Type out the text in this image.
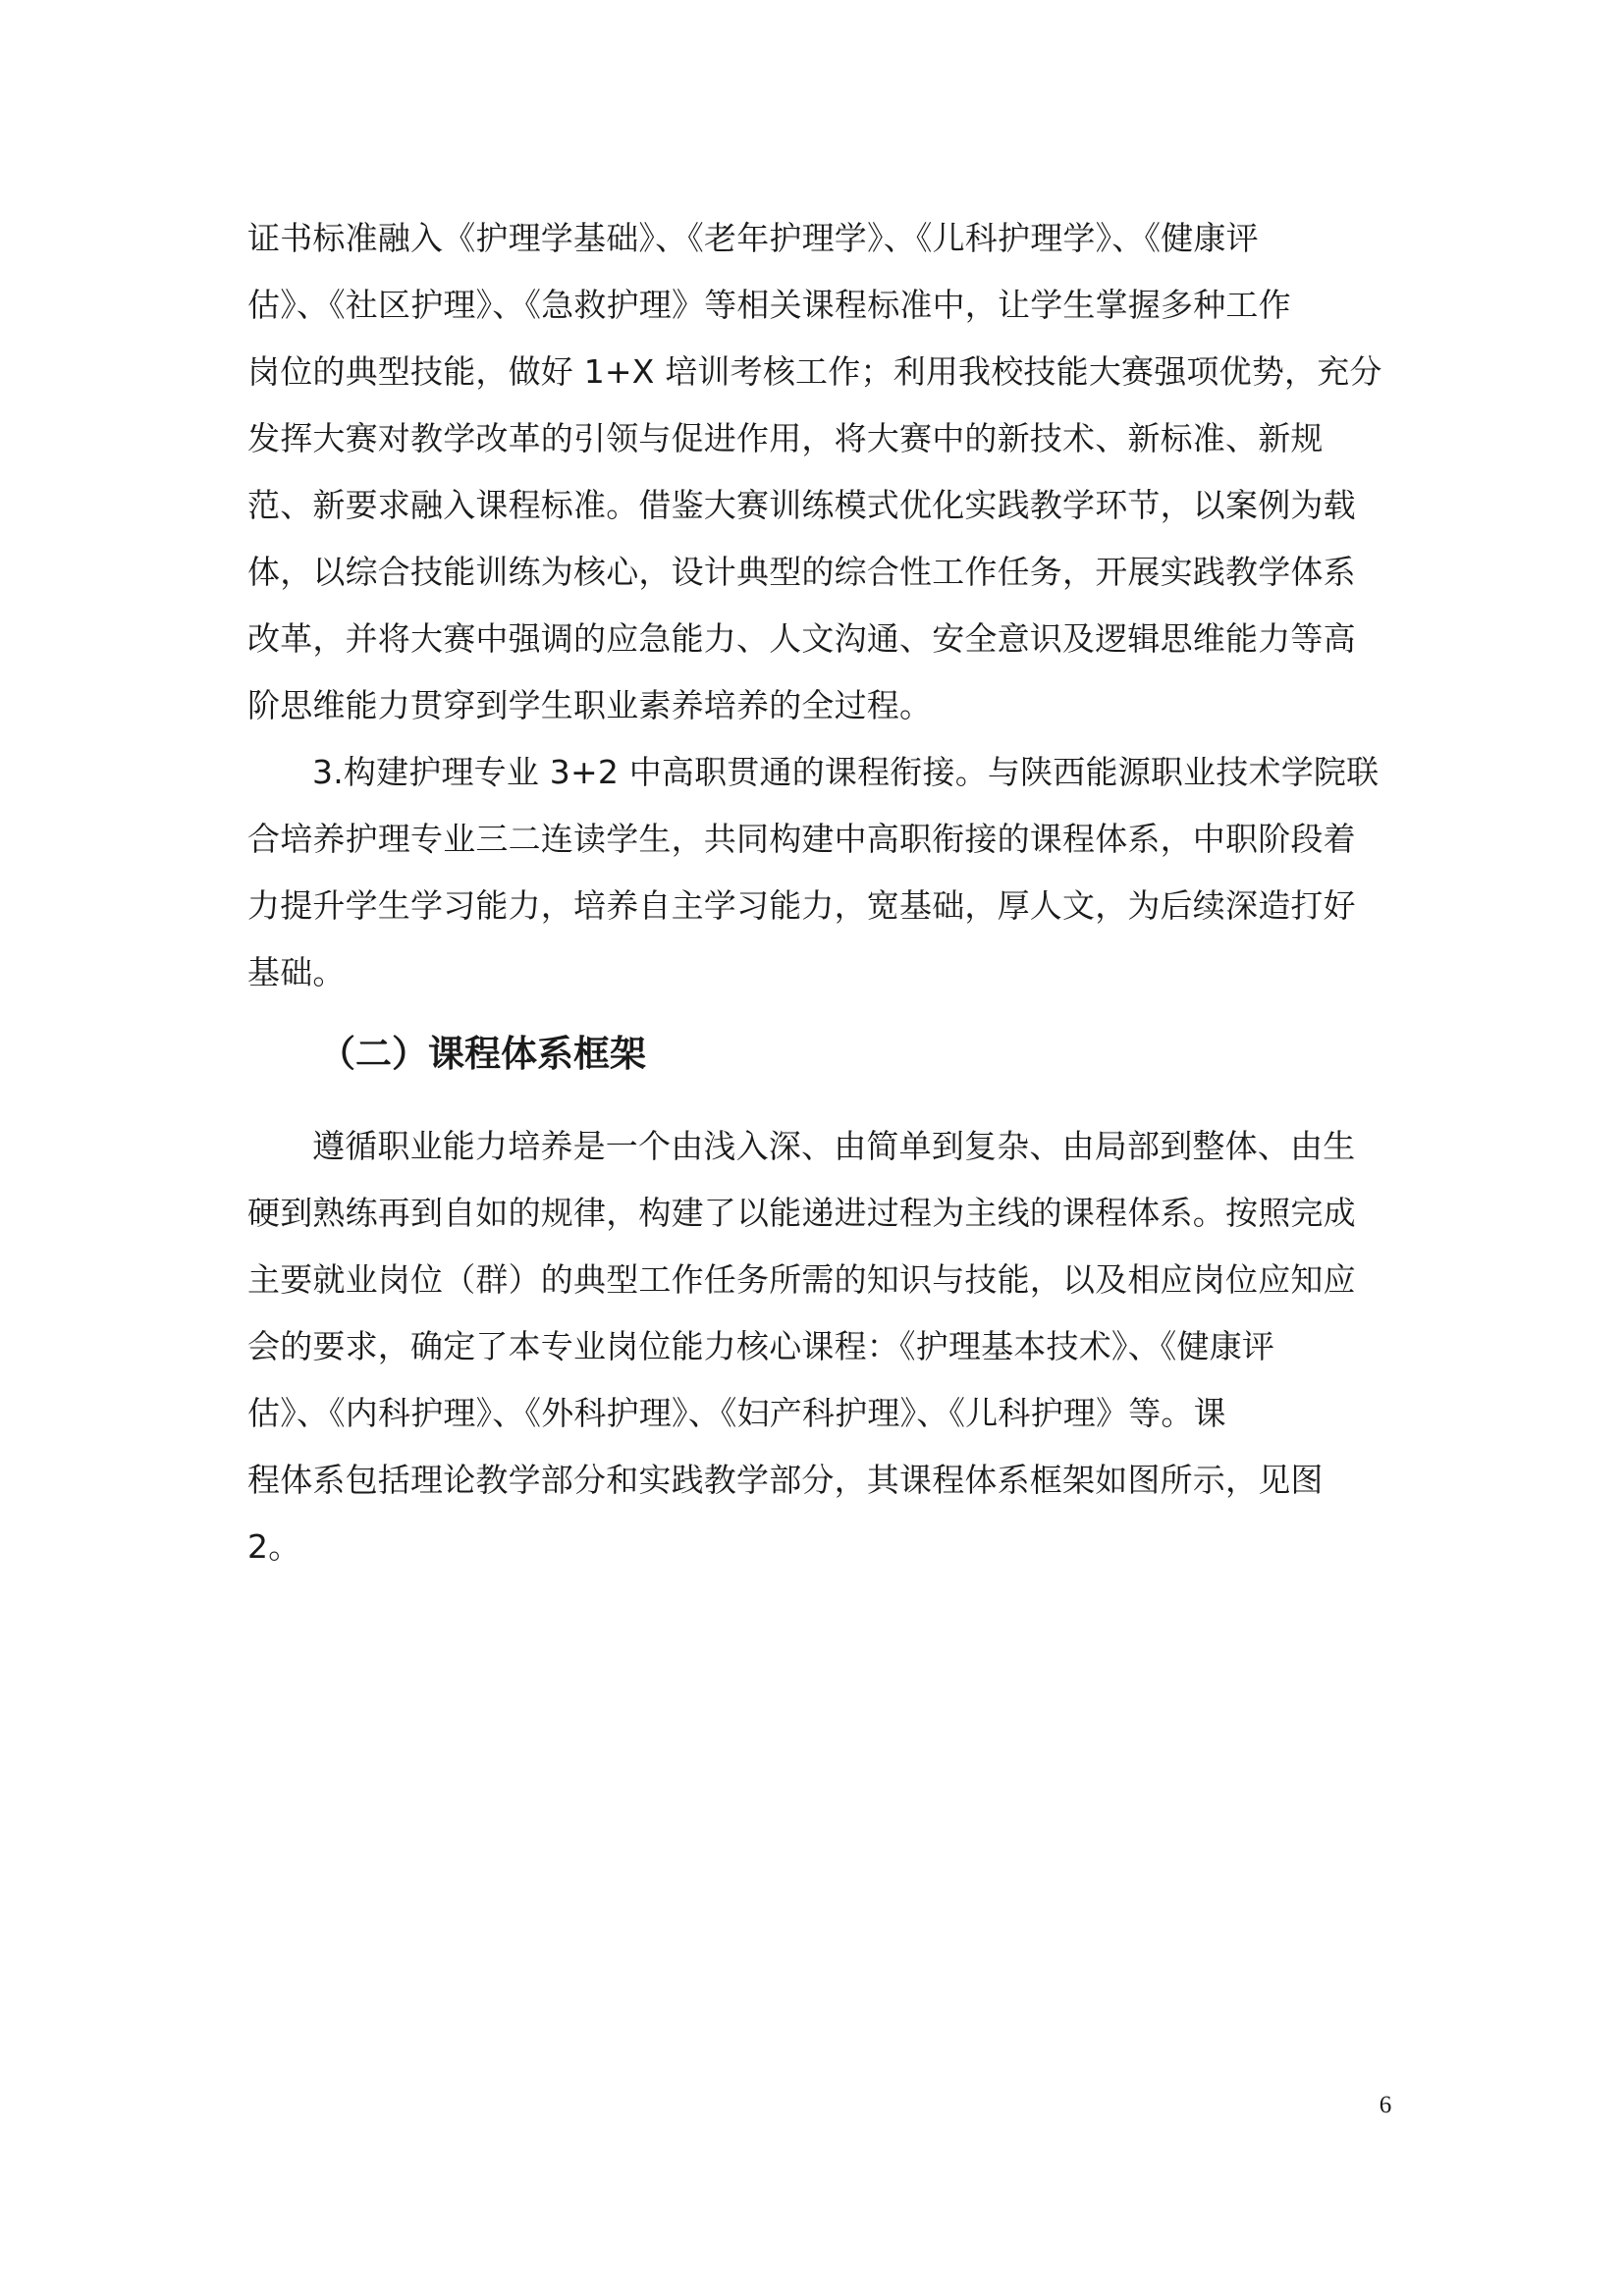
证书标准融入《护理学基础》、《老年护理学》、《儿科护理学》、《健康评
估》、《社区护理》、《急救护理》等相关课程标准中，让学生掌握多种工作
岗位的典型技能，做好 1+X 培训考核工作；利用我校技能大赛强项优势，充分
发挥大赛对教学改革的引领与促进作用，将大赛中的新技术、新标准、新规
范、新要求融入课程标准。借鉴大赛训练模式优化实践教学环节，以案例为载
体，以综合技能训练为核心，设计典型的综合性工作任务，开展实践教学体系
改革，并将大赛中强调的应急能力、人文沟通、安全意识及逻辑思维能力等高
阶思维能力贯穿到学生职业素养培养的全过程。
3.构建护理专业 3+2 中高职贯通的课程衔接。与陕西能源职业技术学院联
合培养护理专业三二连读学生，共同构建中高职衔接的课程体系，中职阶段着
力提升学生学习能力，培养自主学习能力，宽基础，厚人文，为后续深造打好
基础。
（二）课程体系框架
遵循职业能力培养是一个由浅入深、由简单到复杂、由局部到整体、由生
硬到熟练再到自如的规律，构建了以能递进过程为主线的课程体系。按照完成
主要就业岗位（群）的典型工作任务所需的知识与技能，以及相应岗位应知应
会的要求，确定了本专业岗位能力核心课程：《护理基本技术》、《健康评
估》、《内科护理》、《外科护理》、《妇产科护理》、《儿科护理》等。课
程体系包括理论教学部分和实践教学部分，其课程体系框架如图所示，见图
2。
6
